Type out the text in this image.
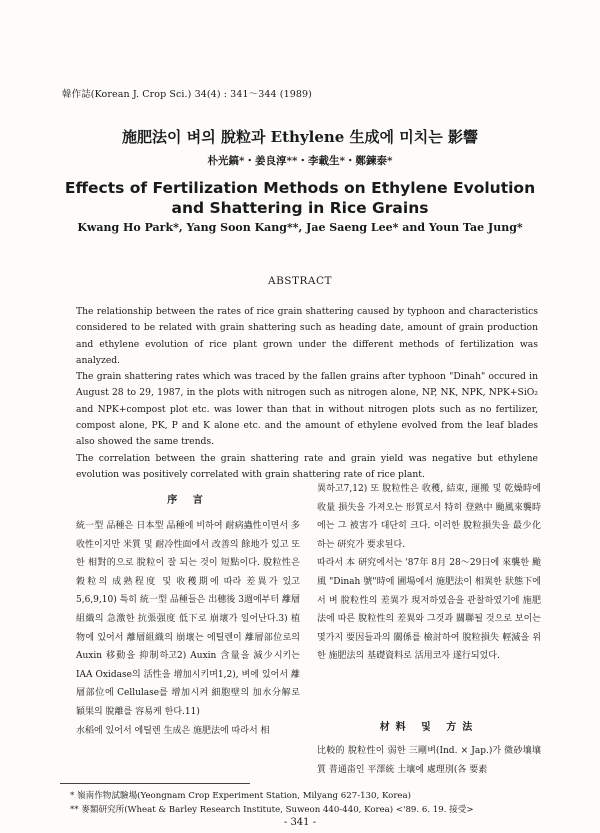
韓作誌(Korean J. Crop Sci.) 34(4) : 341～344 (1989)
施肥法이 벼의 脫粒과 Ethylene 生成에 미치는 影響
朴光鎬*・姜良淳**・李載生*・鄭鍊泰*
Effects of Fertilization Methods on Ethylene Evolution
and Shattering in Rice Grains
Kwang Ho Park*, Yang Soon Kang**, Jae Saeng Lee* and Youn Tae Jung*
ABSTRACT

The relationship between the rates of rice grain shattering caused by typhoon and characteristics considered to be related with grain shattering such as heading date, amount of grain production and ethylene evolution of rice plant grown under the different methods of fertilization was analyzed.

The grain shattering rates which was traced by the fallen grains after typhoon "Dinah" occured in August 28 to 29, 1987, in the plots with nitrogen such as nitrogen alone, NP, NK, NPK, NPK+SiO₂ and NPK+compost plot etc. was lower than that in without nitrogen plots such as no fertilizer, compost alone, PK, P and K alone etc. and the amount of ethylene evolved from the leaf blades also showed the same trends.

The correlation between the grain shattering rate and grain yield was negative but ethylene evolution was positively correlated with grain shattering rate of rice plant.

序 言

統一型 品種은 日本型 品種에 비하여 耐病蟲性이면서 多收性이지만 米質 및 耐冷性面에서 改善의 餘地가 있고 또한 相對的으로 脫粒이 잘 되는 것이 短點이다. 脫粒性은 穀粒의 成熟程度 및 收穫期에 따라 差異가 있고5,6,9,10) 특히 統一型 品種들은 出穗後 3週에부터 離層組織의 急激한 抗張强度 低下로 崩壞가 일어난다.3) 植物에 있어서 離層組織의 崩壞는 에틸렌이 離層部位로의 Auxin 移動을 抑制하고2) Auxin 含量을 減少시키는 IAA Oxidase의 活性을 增加시키며1,2), 벼에 있어서 離層部位에 Cellulase를 增加시켜 細胞壁의 加水分解로 穎果의 脫離를 容易케 한다.11)

水稻에 있어서 에틸렌 生成은 施肥法에 따라서 相

異하고7,12) 또 脫粒性은 收穫, 結束, 運搬 및 乾燥時에 收量 損失을 가져오는 形質로서 特히 登熟中 颱風來襲時에는 그 被害가 대단히 크다. 이러한 脫粒損失을 最少化하는 研究가 要求된다.

따라서 本 研究에서는 '87年 8月 28～29日에 來襲한 颱風 "Dinah 號"時에 圃場에서 施肥法이 相異한 狀態下에서 벼 脫粒性의 差異가 現저하였음을 관찰하였기에 施肥法에 따른 脫粒性의 差異와 그것과 關聯될 것으로 보이는 몇가지 要因들과의 關係를 檢討하여 脫粒損失 輕減을 위한 施肥法의 基礎資料로 活用코자 遂行되었다.

材料 및 方法

比較的 脫粒性이 弱한 三剛벼(Ind. × Jap.)가 微砂壤壤質 普通畓인 平澤統 土壤에 處理別(各 要素

* 嶺南作物試驗場(Yeongnam Crop Experiment Station, Milyang 627-130, Korea)
** 麥類研究所(Wheat & Barley Research Institute, Suweon 440-440, Korea) <'89. 6. 19. 接受>
- 341 -
